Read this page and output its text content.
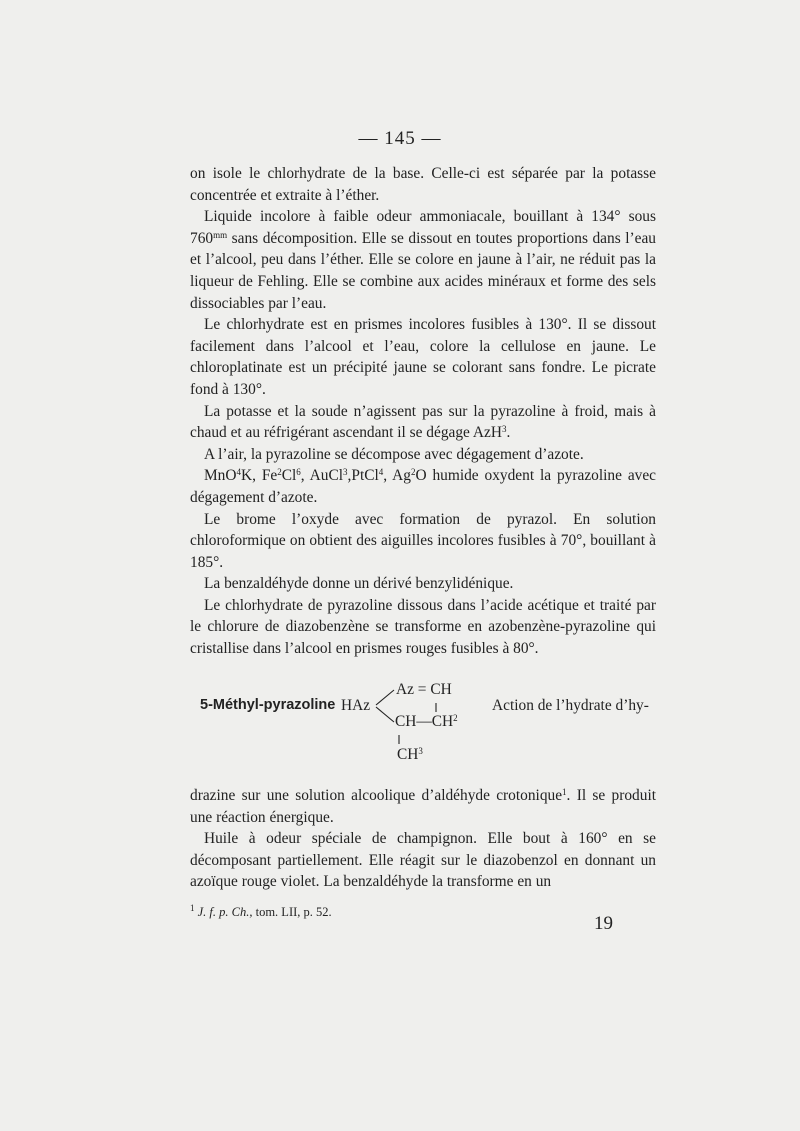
— 145 —

on isole le chlorhydrate de la base. Celle-ci est séparée par la potasse concentrée et extraite à l’éther.

Liquide incolore à faible odeur ammoniacale, bouillant à 134° sous $760^{mm}$ sans décomposition. Elle se dissout en toutes proportions dans l’eau et l’alcool, peu dans l’éther. Elle se colore en jaune à l’air, ne réduit pas la liqueur de Fehling. Elle se combine aux acides minéraux et forme des sels dissociables par l’eau.

Le chlorhydrate est en prismes incolores fusibles à 130°. Il se dissout facilement dans l’alcool et l’eau, colore la cellulose en jaune. Le chloroplatinate est un précipité jaune se colorant sans fondre. Le picrate fond à 130°.

La potasse et la soude n’agissent pas sur la pyrazoline à froid, mais à chaud et au réfrigérant ascendant il se dégage AzH$^3$.

A l’air, la pyrazoline se décompose avec dégagement d’azote.

MnO$^4$K, Fe$^2$Cl$^6$, AuCl$^3$,PtCl$^4$, Ag$^2$O humide oxydent la pyrazoline avec dégagement d’azote.

Le brome l’oxyde avec formation de pyrazol. En solution chloroformique on obtient des aiguilles incolores fusibles à 70°, bouillant à 185°.

La benzaldéhyde donne un dérivé benzylidénique.

Le chlorhydrate de pyrazoline dissous dans l’acide acétique et traité par le chlorure de diazobenzène se transforme en azobenzène-pyrazoline qui cristallise dans l’alcool en prismes rouges fusibles à 80°.

5-Méthyl-pyrazoline HAz
Az = CH
$CH—CH^2$
$CH^3$
Action de l’hydrate d’hy-

drazine sur une solution alcoolique d’aldéhyde crotonique$^1$. Il se produit une réaction énergique.

Huile à odeur spéciale de champignon. Elle bout à 160° en se décomposant partiellement. Elle réagit sur le diazobenzol en donnant un azoïque rouge violet. La benzaldéhyde la transforme en un

$^1$ J. f. p. Ch., tom. LII, p. 52.
19
